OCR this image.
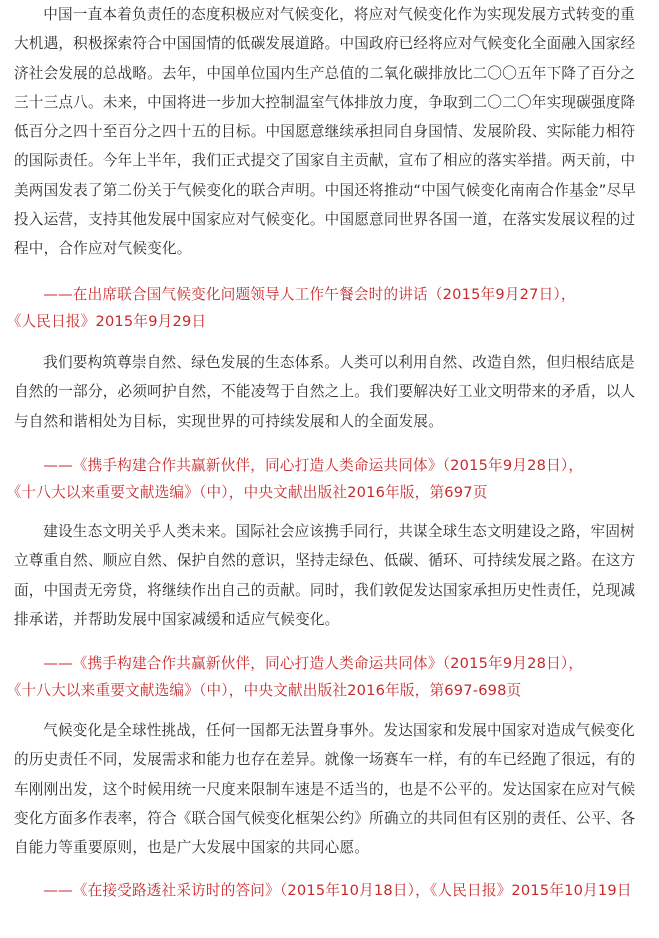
中国一直本着负责任的态度积极应对气候变化，将应对气候变化作为实现发展方式转变的重大机遇，积极探索符合中国国情的低碳发展道路。中国政府已经将应对气候变化全面融入国家经济社会发展的总战略。去年，中国单位国内生产总值的二氧化碳排放比二〇〇五年下降了百分之三十三点八。未来，中国将进一步加大控制温室气体排放力度，争取到二〇二〇年实现碳强度降低百分之四十至百分之四十五的目标。中国愿意继续承担同自身国情、发展阶段、实际能力相符的国际责任。今年上半年，我们正式提交了国家自主贡献，宣布了相应的落实举措。两天前，中美两国发表了第二份关于气候变化的联合声明。中国还将推动“中国气候变化南南合作基金”尽早投入运营，支持其他发展中国家应对气候变化。中国愿意同世界各国一道，在落实发展议程的过程中，合作应对气候变化。

——在出席联合国气候变化问题领导人工作午餐会时的讲话（2015年9月27日），《人民日报》2015年9月29日

我们要构筑尊崇自然、绿色发展的生态体系。人类可以利用自然、改造自然，但归根结底是自然的一部分，必须呵护自然，不能凌驾于自然之上。我们要解决好工业文明带来的矛盾，以人与自然和谐相处为目标，实现世界的可持续发展和人的全面发展。

——《携手构建合作共赢新伙伴，同心打造人类命运共同体》（2015年9月28日），《十八大以来重要文献选编》（中），中央文献出版社2016年版，第697页

建设生态文明关乎人类未来。国际社会应该携手同行，共谋全球生态文明建设之路，牢固树立尊重自然、顺应自然、保护自然的意识，坚持走绿色、低碳、循环、可持续发展之路。在这方面，中国责无旁贷，将继续作出自己的贡献。同时，我们敦促发达国家承担历史性责任，兑现减排承诺，并帮助发展中国家减缓和适应气候变化。

——《携手构建合作共赢新伙伴，同心打造人类命运共同体》（2015年9月28日），《十八大以来重要文献选编》（中），中央文献出版社2016年版，第697-698页

气候变化是全球性挑战，任何一国都无法置身事外。发达国家和发展中国家对造成气候变化的历史责任不同，发展需求和能力也存在差异。就像一场赛车一样，有的车已经跑了很远，有的车刚刚出发，这个时候用统一尺度来限制车速是不适当的，也是不公平的。发达国家在应对气候变化方面多作表率，符合《联合国气候变化框架公约》所确立的共同但有区别的责任、公平、各自能力等重要原则，也是广大发展中国家的共同心愿。

——《在接受路透社采访时的答问》（2015年10月18日），《人民日报》2015年10月19日
